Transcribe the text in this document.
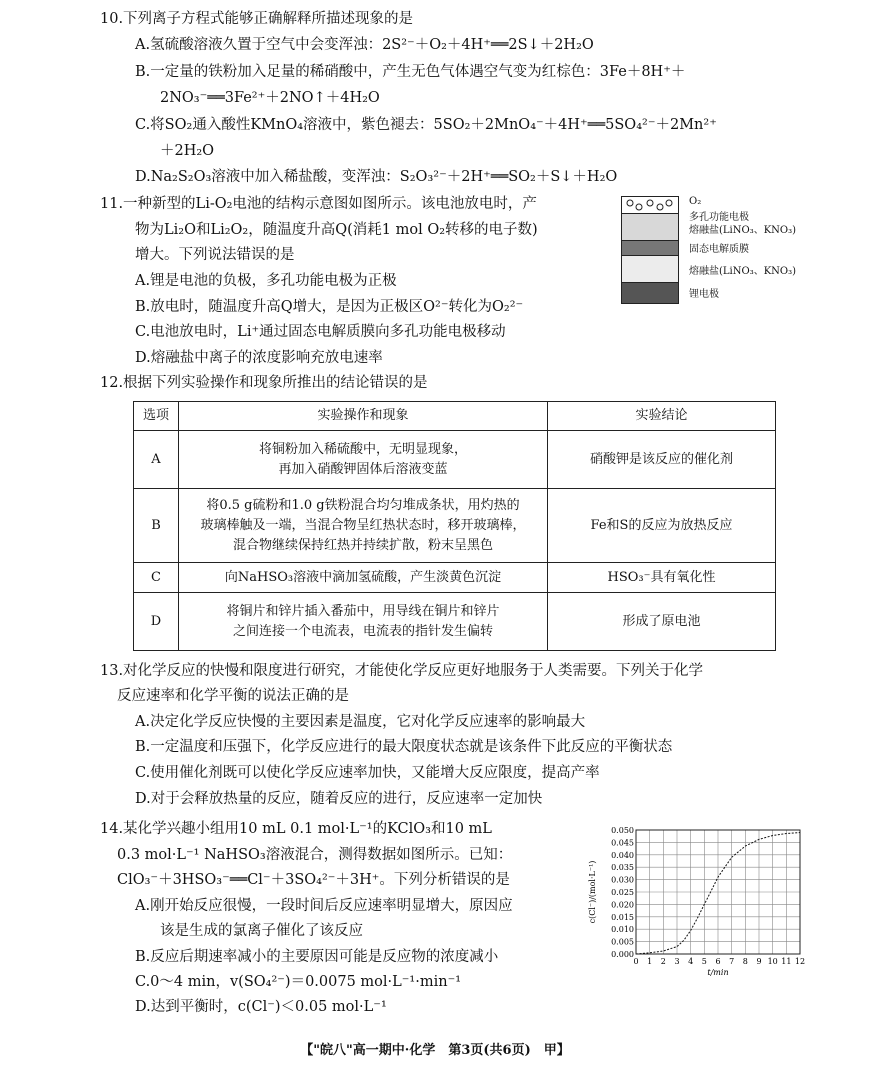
10.下列离子方程式能够正确解释所描述现象的是
A.氢硫酸溶液久置于空气中会变浑浊：2S²⁻＋O₂＋4H⁺══2S↓＋2H₂O
B.一定量的铁粉加入足量的稀硝酸中，产生无色气体遇空气变为红棕色：3Fe＋8H⁺＋
2NO₃⁻══3Fe²⁺＋2NO↑＋4H₂O
C.将SO₂通入酸性KMnO₄溶液中，紫色褪去：5SO₂＋2MnO₄⁻＋4H⁺══5SO₄²⁻＋2Mn²⁺
＋2H₂O
D.Na₂S₂O₃溶液中加入稀盐酸，变浑浊：S₂O₃²⁻＋2H⁺══SO₂＋S↓＋H₂O
11.一种新型的Li-O₂电池的结构示意图如图所示。该电池放电时，产
物为Li₂O和Li₂O₂，随温度升高Q(消耗1 mol O₂转移的电子数)
增大。下列说法错误的是
A.锂是电池的负极，多孔功能电极为正极
B.放电时，随温度升高Q增大，是因为正极区O²⁻转化为O₂²⁻
C.电池放电时，Li⁺通过固态电解质膜向多孔功能电极移动
D.熔融盐中离子的浓度影响充放电速率
O₂
多孔功能电极
熔融盐(LiNO₃、KNO₃)
固态电解质膜
熔融盐(LiNO₃、KNO₃)
锂电极
12.根据下列实验操作和现象所推出的结论错误的是
选项	实验操作和现象	实验结论
A	将铜粉加入稀硫酸中，无明显现象，
再加入硝酸钾固体后溶液变蓝	硝酸钾是该反应的催化剂
B	将0.5 g硫粉和1.0 g铁粉混合均匀堆成条状，用灼热的
玻璃棒触及一端，当混合物呈红热状态时，移开玻璃棒，
混合物继续保持红热并持续扩散，粉末呈黑色	Fe和S的反应为放热反应
C	向NaHSO₃溶液中滴加氢硫酸，产生淡黄色沉淀	HSO₃⁻具有氧化性
D	将铜片和锌片插入番茄中，用导线在铜片和锌片
之间连接一个电流表，电流表的指针发生偏转	形成了原电池
13.对化学反应的快慢和限度进行研究，才能使化学反应更好地服务于人类需要。下列关于化学
反应速率和化学平衡的说法正确的是
A.决定化学反应快慢的主要因素是温度，它对化学反应速率的影响最大
B.一定温度和压强下，化学反应进行的最大限度状态就是该条件下此反应的平衡状态
C.使用催化剂既可以使化学反应速率加快，又能增大反应限度，提高产率
D.对于会释放热量的反应，随着反应的进行，反应速率一定加快
14.某化学兴趣小组用10 mL 0.1 mol·L⁻¹的KClO₃和10 mL
0.3 mol·L⁻¹ NaHSO₃溶液混合，测得数据如图所示。已知：
ClO₃⁻＋3HSO₃⁻══Cl⁻＋3SO₄²⁻＋3H⁺。下列分析错误的是
A.刚开始反应很慢，一段时间后反应速率明显增大，原因应
该是生成的氯离子催化了该反应
B.反应后期速率减小的主要原因可能是反应物的浓度减小
C.0～4 min，v(SO₄²⁻)＝0.0075 mol·L⁻¹·min⁻¹
D.达到平衡时，c(Cl⁻)＜0.05 mol·L⁻¹
0 1 2 3 4 5 6 7 8 9 10 11 12
0.000
0.005
0.010
0.015
0.020
0.025
0.030
0.035
0.040
0.045
0.050
t/min
c(Cl⁻)/(mol·L⁻¹)
【"皖八"高一期中·化学　第3页(共6页)　甲】
